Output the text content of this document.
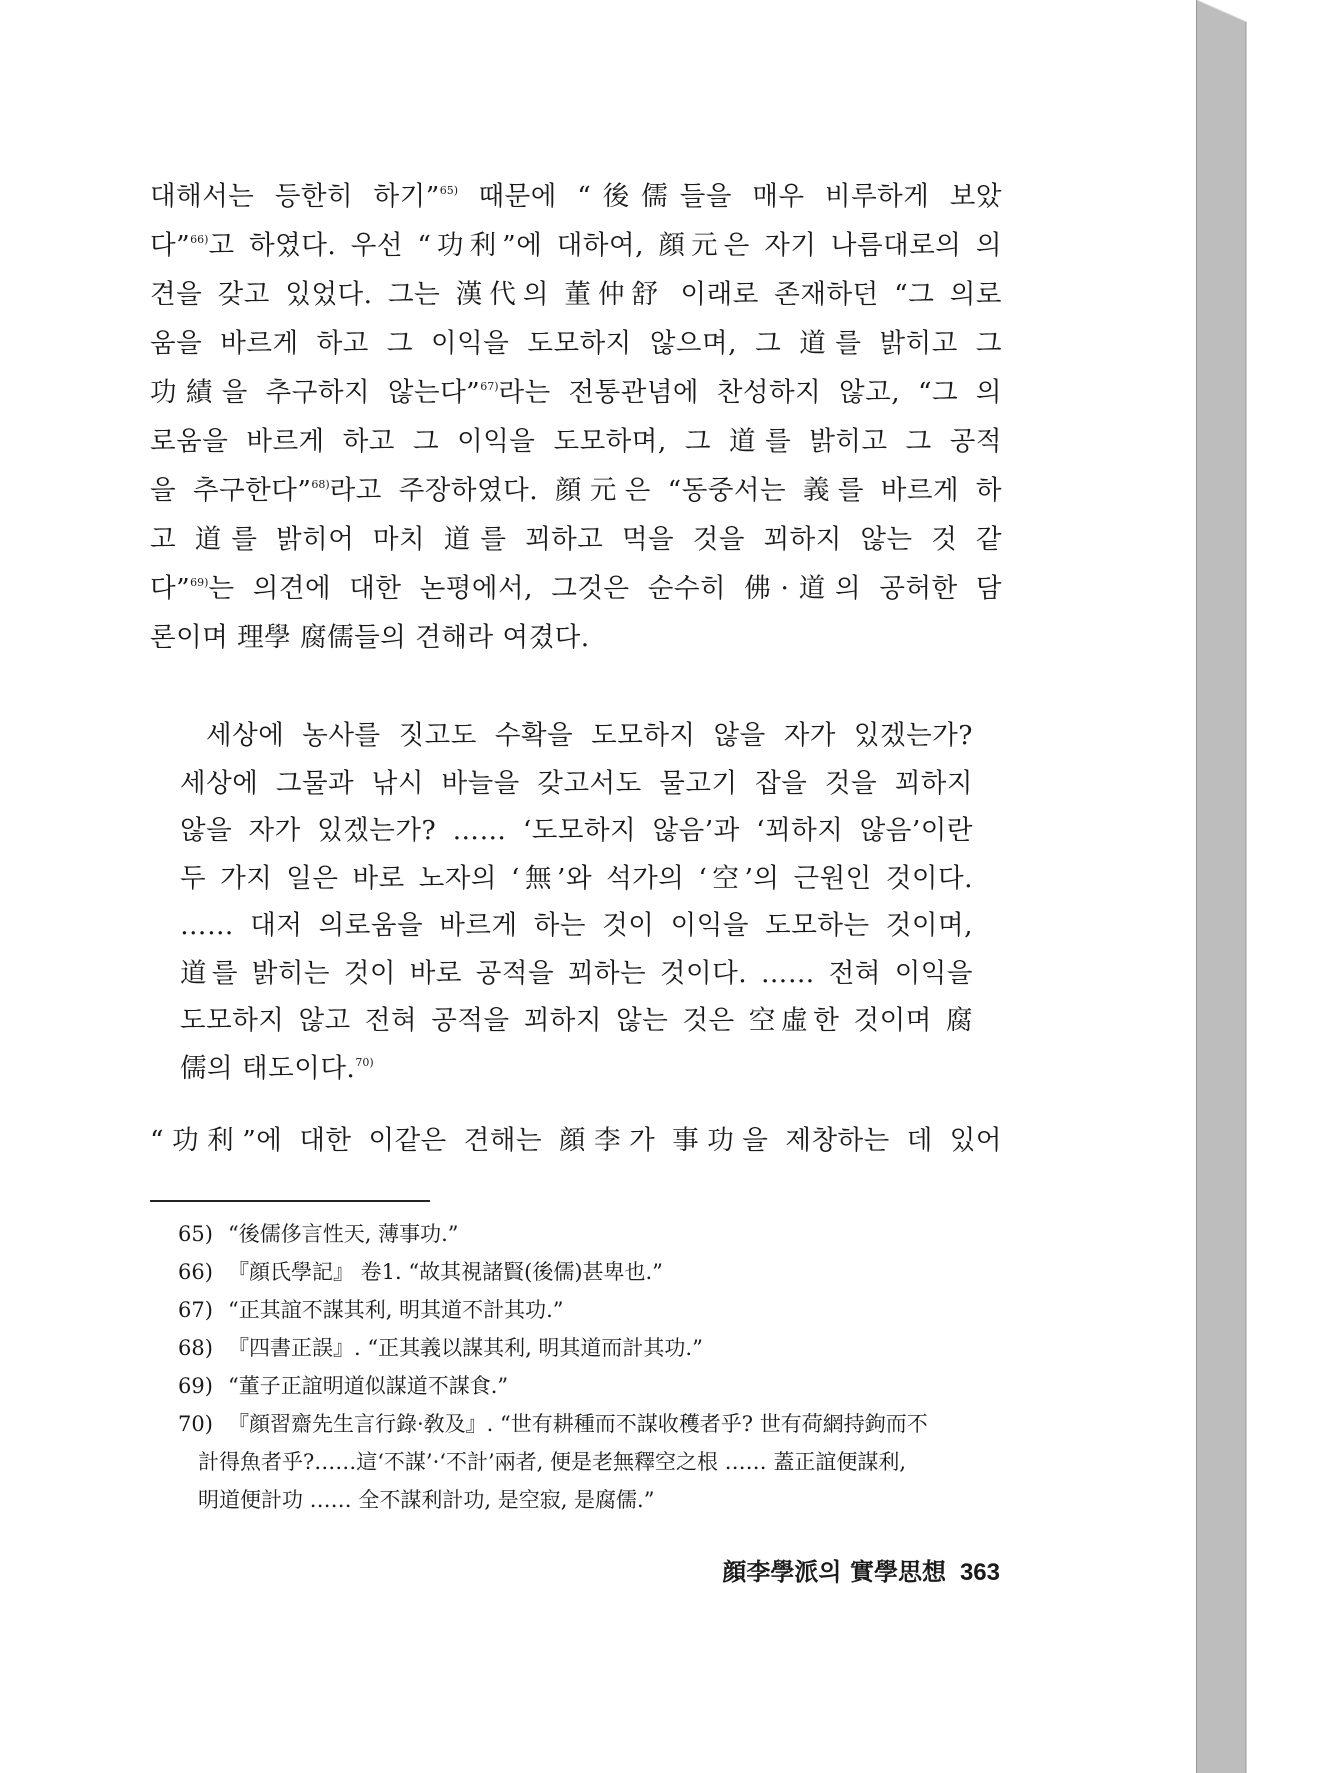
대해서는 등한히 하기”$^{65)}$ 때문에 “後儒들을 매우 비루하게 보았
다”$^{66)}$고 하였다. 우선 “功利”에 대하여, 顔元은 자기 나름대로의 의
견을 갖고 있었다. 그는 漢代의 董仲舒 이래로 존재하던 “그 의로
움을 바르게 하고 그 이익을 도모하지 않으며, 그 道를 밝히고 그
功績을 추구하지 않는다”$^{67)}$라는 전통관념에 찬성하지 않고, “그 의
로움을 바르게 하고 그 이익을 도모하며, 그 道를 밝히고 그 공적
을 추구한다”$^{68)}$라고 주장하였다. 顔元은 “동중서는 義를 바르게 하
고 道를 밝히어 마치 道를 꾀하고 먹을 것을 꾀하지 않는 것 같
다”$^{69)}$는 의견에 대한 논평에서, 그것은 순수히 佛·道의 공허한 담
론이며 理學 腐儒들의 견해라 여겼다.
세상에 농사를 짓고도 수확을 도모하지 않을 자가 있겠는가?
세상에 그물과 낚시 바늘을 갖고서도 물고기 잡을 것을 꾀하지
않을 자가 있겠는가? …… ‘도모하지 않음’과 ‘꾀하지 않음’이란
두 가지 일은 바로 노자의 ‘無’와 석가의 ‘空’의 근원인 것이다.
…… 대저 의로움을 바르게 하는 것이 이익을 도모하는 것이며,
道를 밝히는 것이 바로 공적을 꾀하는 것이다. …… 전혀 이익을
도모하지 않고 전혀 공적을 꾀하지 않는 것은 空虛한 것이며 腐
儒의 태도이다.$^{70)}$
“功利”에 대한 이같은 견해는 顔李가 事功을 제창하는 데 있어
65) “後儒侈言性天, 薄事功.”
66) 『顔氏學記』 卷1. “故其視諸賢(後儒)甚卑也.”
67) “正其誼不謀其利, 明其道不計其功.”
68) 『四書正誤』. “正其義以謀其利, 明其道而計其功.”
69) “董子正誼明道似謀道不謀食.”
70) 『顔習齋先生言行錄·敎及』. “世有耕種而不謀收穫者乎? 世有荷網持鉤而不
計得魚者乎?……這‘不謀’·‘不計’兩者, 便是老無釋空之根 …… 蓋正誼便謀利,
明道便計功 …… 全不謀利計功, 是空寂, 是腐儒.”
顔李學派의 實學思想 363
